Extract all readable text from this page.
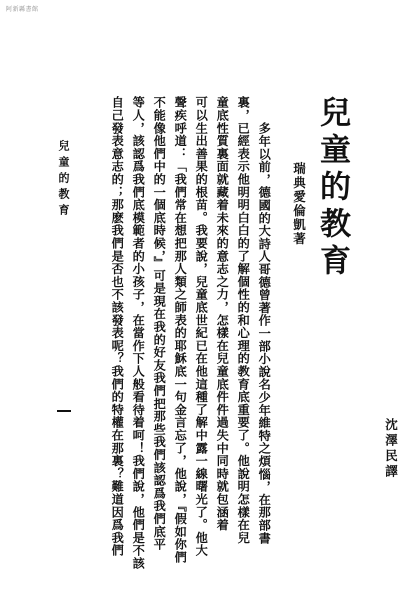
阿新縣書館
兒童的教育
瑞典愛倫凱著
沈澤民譯
多年以前，德國的大詩人哥德曾著作一部小說名少年維特之煩惱，在那部書
裏，已經表示他明明白白的了解個性的和心理的教育底重要了。他說明怎樣在兒
童底性質裏面就藏着未來的意志之力，怎樣在兒童底件件過失中同時就包涵着
可以生出善果的根苗。我要說，兒童底世紀已在他這種了解中露一線曙光了。他大
聲疾呼道：「我們常在想把那人類之師表的耶穌底一句金言忘了，他說，『假如你們
不能像他們中的一個底時候，』可是現在我的好友我們把那些我們該認爲我們底平
等人，該認爲我們底模範者的小孩子，在當作下人般看待着呵！我們說，他們是不該
自己發表意志的；那麽我們是否也不該發表呢？我們的特權在那裏？難道因爲我們
兒童的教育
